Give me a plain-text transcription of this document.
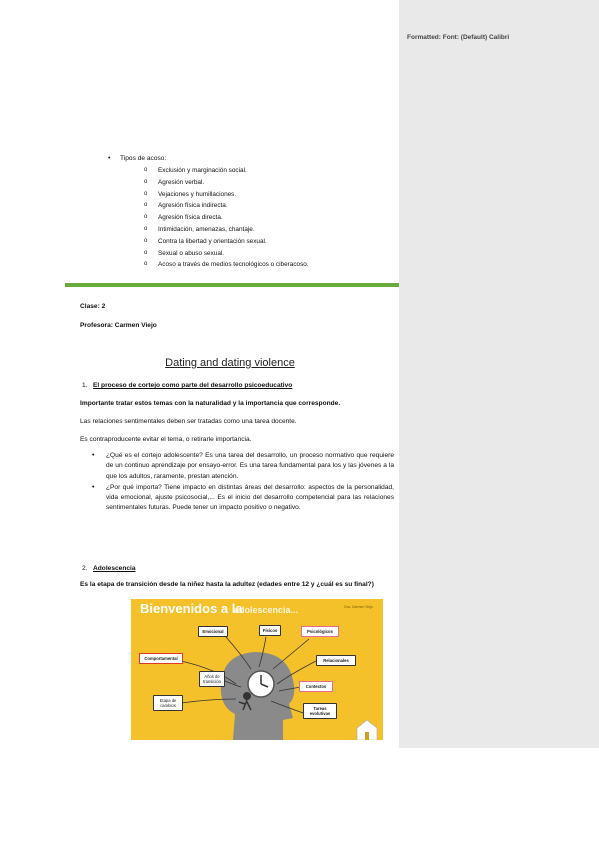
• Tipos de acoso:
o Exclusión y marginación social.
o Agresión verbal.
o Vejaciones y humillaciones.
o Agresión física indirecta.
o Agresión física directa.
o Intimidación, amenazas, chantaje.
o Contra la libertad y orientación sexual.
o Sexual o abuso sexual.
o Acoso a través de medios tecnológicos o ciberacoso.
Clase: 2
Profesora: Carmen Viejo
Dating and dating violence
1. El proceso de cortejo como parte del desarrollo psicoeducativo
Importante tratar estos temas con la naturalidad y la importancia que corresponde.
Las relaciones sentimentales deben ser tratadas como una tarea docente.
Es contraproducente evitar el tema, o retirarle importancia.
• ¿Qué es el cortejo adolescente? Es una tarea del desarrollo, un proceso normativo que requiere de un continuo aprendizaje por ensayo-error. Es una tarea fundamental para los y las jóvenes a la que los adultos, raramente, prestan atención.
• ¿Por qué importa? Tiene impacto en distintas áreas del desarrollo: aspectos de la personalidad, vida emocional, ajuste psicosocial,... Es el inicio del desarrollo competencial para las relaciones sentimentales futuras. Puede tener un impacto positivo o negativo.
2. Adolescencia
Es la etapa de transición desde la niñez hasta la adultez (edades entre 12 y ¿cuál es su final?)
Bienvenidos a la
adolescencia...	Dra. Carmen Viejo
Emocional	Físicos	Psicológicos
Comportamental	Relacionales
Años de transición
Contextos
Etapa de cambios
Tareas evolutivas
Formatted: Font: (Default) Calibri
